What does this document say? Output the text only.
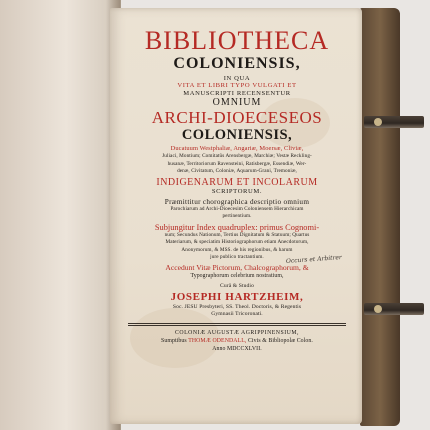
BIBLIOTHECA
COLONIENSIS,
IN QUA
VITA ET LIBRI TYPO VULGATI ET
MANUSCRIPTI RECENSENTUR
OMNIUM
ARCHI-DIOECESEOS
COLONIENSIS,
Ducatuum Westphaliæ, Angariæ, Moersæ, Cliviæ,
Juliaci, Montium; Comitatûs Arensbergæ, Marchiæ; Vestæ Reckling-
husanæ, Territoriorum Ravensteini, Ratisbergæ, Essendiæ, Wer-
denæ, Civitatum, Coloniæ, Aquarum-Grani, Tremoniæ,
INDIGENARUM ET INCOLARUM
SCRIPTORUM.
Præmittitur chorographica descriptio omnium
Parochiarum ad Archi-Dioecesim Coloniensem Hierarchicam
pertinentium.
Subjungitur Index quadruplex: primus Cognomi-
num; Secundus Nationum, Tertius Dignitatum & Statuum; Quartus
Materiarum, & speciatim Historiographorum etiam Anecdotorum,
Anonymorum, & MSS. de his regionibus, & harum
jure publico tractantium.
Accedunt Vitæ Pictorum, Chalcographorum, &
Typographorum celebrium nostratium,
Curâ & Studio
JOSEPHI HARTZHEIM,
Soc. JESU Presbyteri, SS. Theol. Doctoris, & Regentis
Gymnasii Tricoronati.
COLONIÆ AUGUSTÆ AGRIPPINENSIUM,
Sumptibus THOMÆ ODENDALL, Civis & Bibliopolæ Colon.
Anno MDCCXLVII.
Occurs et Arbitrer
